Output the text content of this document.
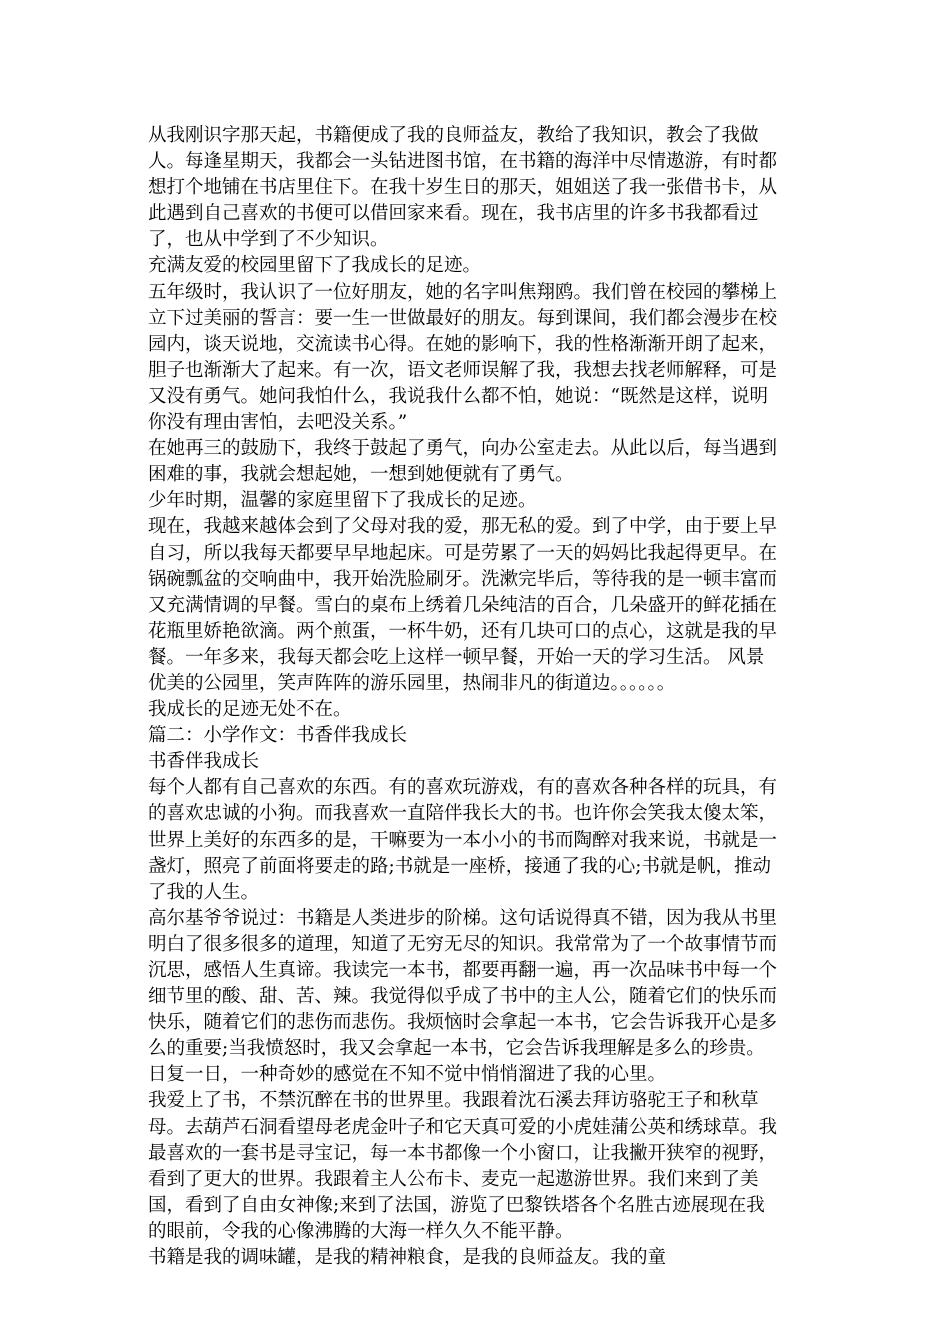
从我刚识字那天起，书籍便成了我的良师益友，教给了我知识，教会了我做
人。每逢星期天，我都会一头钻进图书馆，在书籍的海洋中尽情遨游，有时都
想打个地铺在书店里住下。在我十岁生日的那天，姐姐送了我一张借书卡，从
此遇到自己喜欢的书便可以借回家来看。现在，我书店里的许多书我都看过
了，也从中学到了不少知识。
充满友爱的校园里留下了我成长的足迹。
五年级时，我认识了一位好朋友，她的名字叫焦翔鸥。我们曾在校园的攀梯上
立下过美丽的誓言：要一生一世做最好的朋友。每到课间，我们都会漫步在校
园内，谈天说地，交流读书心得。在她的影响下，我的性格渐渐开朗了起来，
胆子也渐渐大了起来。有一次，语文老师误解了我，我想去找老师解释，可是
又没有勇气。她问我怕什么，我说我什么都不怕，她说：“既然是这样，说明
你没有理由害怕，去吧没关系。”
在她再三的鼓励下，我终于鼓起了勇气，向办公室走去。从此以后，每当遇到
困难的事，我就会想起她，一想到她便就有了勇气。
少年时期，温馨的家庭里留下了我成长的足迹。
现在，我越来越体会到了父母对我的爱，那无私的爱。到了中学，由于要上早
自习，所以我每天都要早早地起床。可是劳累了一天的妈妈比我起得更早。在
锅碗瓢盆的交响曲中，我开始洗脸刷牙。洗漱完毕后，等待我的是一顿丰富而
又充满情调的早餐。雪白的桌布上绣着几朵纯洁的百合，几朵盛开的鲜花插在
花瓶里娇艳欲滴。两个煎蛋，一杯牛奶，还有几块可口的点心，这就是我的早
餐。一年多来，我每天都会吃上这样一顿早餐，开始一天的学习生活。 风景
优美的公园里，笑声阵阵的游乐园里，热闹非凡的街道边。。。。。。
我成长的足迹无处不在。
篇二：小学作文：书香伴我成长
书香伴我成长
每个人都有自己喜欢的东西。有的喜欢玩游戏，有的喜欢各种各样的玩具，有
的喜欢忠诚的小狗。而我喜欢一直陪伴我长大的书。也许你会笑我太傻太笨，
世界上美好的东西多的是，干嘛要为一本小小的书而陶醉对我来说，书就是一
盏灯，照亮了前面将要走的路;书就是一座桥，接通了我的心;书就是帆，推动
了我的人生。
高尔基爷爷说过：书籍是人类进步的阶梯。这句话说得真不错，因为我从书里
明白了很多很多的道理，知道了无穷无尽的知识。我常常为了一个故事情节而
沉思，感悟人生真谛。我读完一本书，都要再翻一遍，再一次品味书中每一个
细节里的酸、甜、苦、辣。我觉得似乎成了书中的主人公，随着它们的快乐而
快乐，随着它们的悲伤而悲伤。我烦恼时会拿起一本书，它会告诉我开心是多
么的重要;当我愤怒时，我又会拿起一本书，它会告诉我理解是多么的珍贵。
日复一日，一种奇妙的感觉在不知不觉中悄悄溜进了我的心里。
我爱上了书，不禁沉醉在书的世界里。我跟着沈石溪去拜访骆驼王子和秋草
母。去葫芦石洞看望母老虎金叶子和它天真可爱的小虎娃蒲公英和绣球草。我
最喜欢的一套书是寻宝记，每一本书都像一个小窗口，让我撇开狭窄的视野，
看到了更大的世界。我跟着主人公布卡、麦克一起遨游世界。我们来到了美
国，看到了自由女神像;来到了法国，游览了巴黎铁塔各个名胜古迹展现在我
的眼前，令我的心像沸腾的大海一样久久不能平静。
书籍是我的调味罐，是我的精神粮食，是我的良师益友。我的童
